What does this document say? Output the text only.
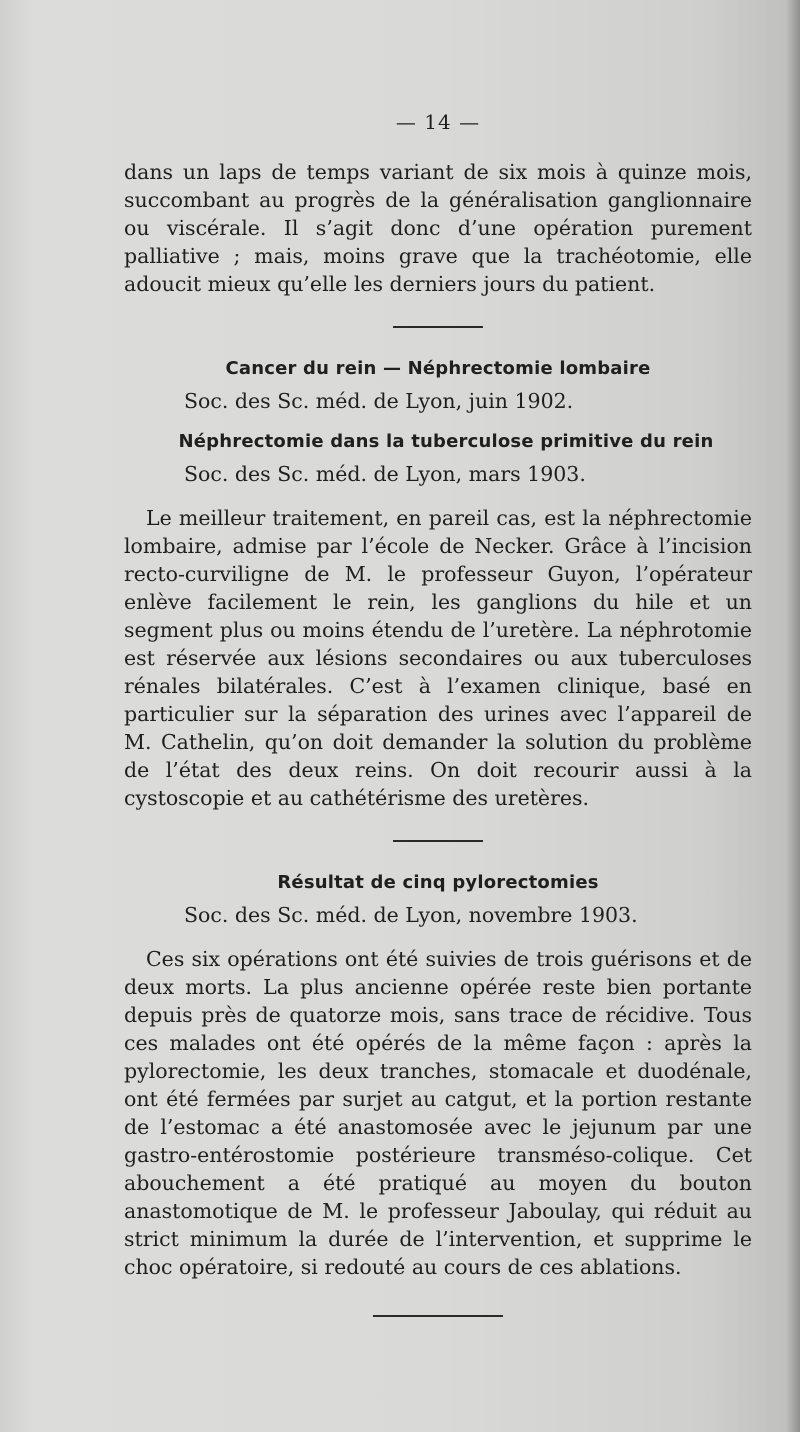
— 14 —

dans un laps de temps variant de six mois à quinze mois, succombant au progrès de la généralisation ganglionnaire ou viscérale. Il s’agit donc d’une opération purement palliative ; mais, moins grave que la trachéotomie, elle adoucit mieux qu’elle les derniers jours du patient.

Cancer du rein — Néphrectomie lombaire
Soc. des Sc. méd. de Lyon, juin 1902.
Néphrectomie dans la tuberculose primitive du rein
Soc. des Sc. méd. de Lyon, mars 1903.

Le meilleur traitement, en pareil cas, est la néphrectomie lombaire, admise par l’école de Necker. Grâce à l’incision recto-curviligne de M. le professeur Guyon, l’opérateur enlève facilement le rein, les ganglions du hile et un segment plus ou moins étendu de l’uretère. La néphrotomie est réservée aux lésions secondaires ou aux tuberculoses rénales bilatérales. C’est à l’examen clinique, basé en particulier sur la séparation des urines avec l’appareil de M. Cathelin, qu’on doit demander la solution du problème de l’état des deux reins. On doit recourir aussi à la cystoscopie et au cathétérisme des uretères.

Résultat de cinq pylorectomies
Soc. des Sc. méd. de Lyon, novembre 1903.

Ces six opérations ont été suivies de trois guérisons et de deux morts. La plus ancienne opérée reste bien portante depuis près de quatorze mois, sans trace de récidive. Tous ces malades ont été opérés de la même façon : après la pylorectomie, les deux tranches, stomacale et duodénale, ont été fermées par surjet au catgut, et la portion restante de l’estomac a été anastomosée avec le jejunum par une gastro-entérostomie postérieure transméso-colique. Cet abouchement a été pratiqué au moyen du bouton anastomotique de M. le professeur Jaboulay, qui réduit au strict minimum la durée de l’intervention, et supprime le choc opératoire, si redouté au cours de ces ablations.
